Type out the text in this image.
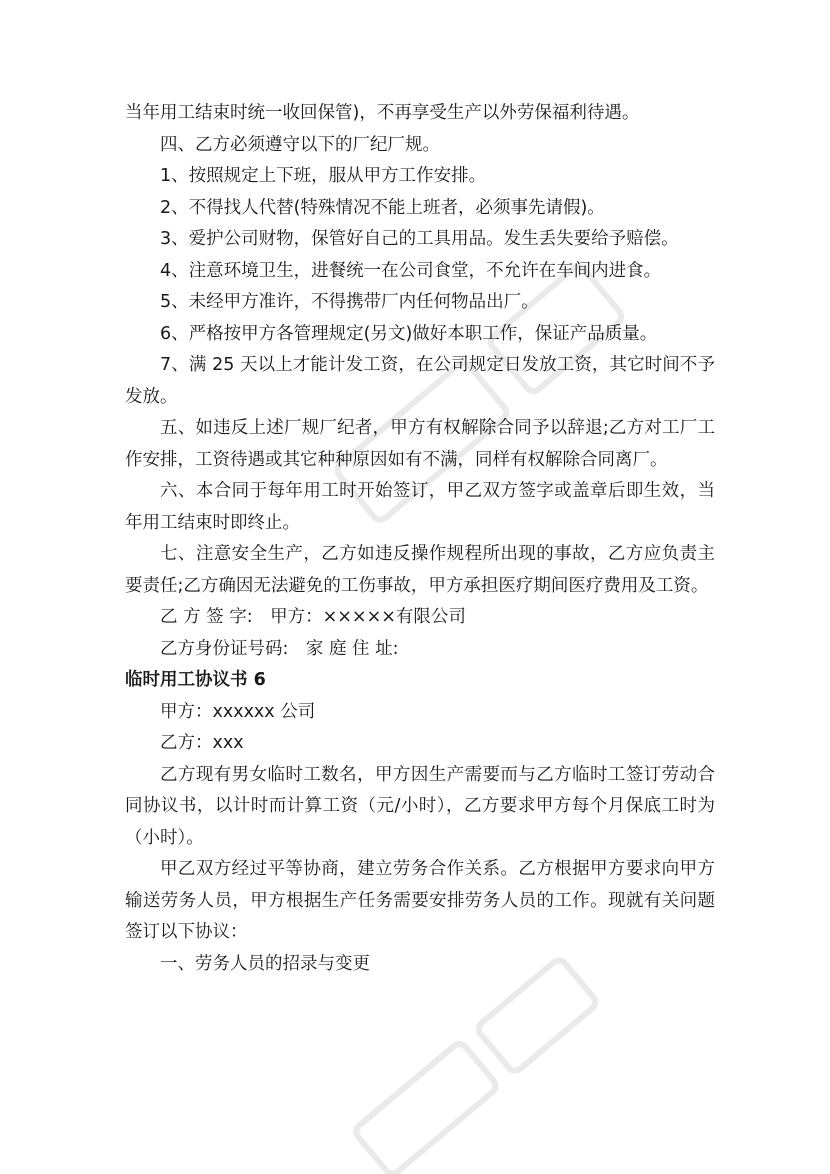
当年用工结束时统一收回保管)，不再享受生产以外劳保福利待遇。

四、乙方必须遵守以下的厂纪厂规。

1、按照规定上下班，服从甲方工作安排。

2、不得找人代替(特殊情况不能上班者，必须事先请假)。

3、爱护公司财物，保管好自己的工具用品。发生丢失要给予赔偿。

4、注意环境卫生，进餐统一在公司食堂，不允许在车间内进食。

5、未经甲方准许，不得携带厂内任何物品出厂。

6、严格按甲方各管理规定(另文)做好本职工作，保证产品质量。

7、满 25 天以上才能计发工资，在公司规定日发放工资，其它时间不予发放。

五、如违反上述厂规厂纪者，甲方有权解除合同予以辞退;乙方对工厂工作安排，工资待遇或其它种种原因如有不满，同样有权解除合同离厂。

六、本合同于每年用工时开始签订，甲乙双方签字或盖章后即生效，当年用工结束时即终止。

七、注意安全生产，乙方如违反操作规程所出现的事故，乙方应负责主要责任;乙方确因无法避免的工伤事故，甲方承担医疗期间医疗费用及工资。

乙 方 签 字:　甲方：×××××有限公司

乙方身份证号码:　家 庭 住 址:

临时用工协议书 6

甲方：xxxxxx 公司

乙方：xxx

乙方现有男女临时工数名，甲方因生产需要而与乙方临时工签订劳动合同协议书，以计时而计算工资（元/小时），乙方要求甲方每个月保底工时为（小时）。

甲乙双方经过平等协商，建立劳务合作关系。乙方根据甲方要求向甲方输送劳务人员，甲方根据生产任务需要安排劳务人员的工作。现就有关问题签订以下协议：

一、劳务人员的招录与变更
